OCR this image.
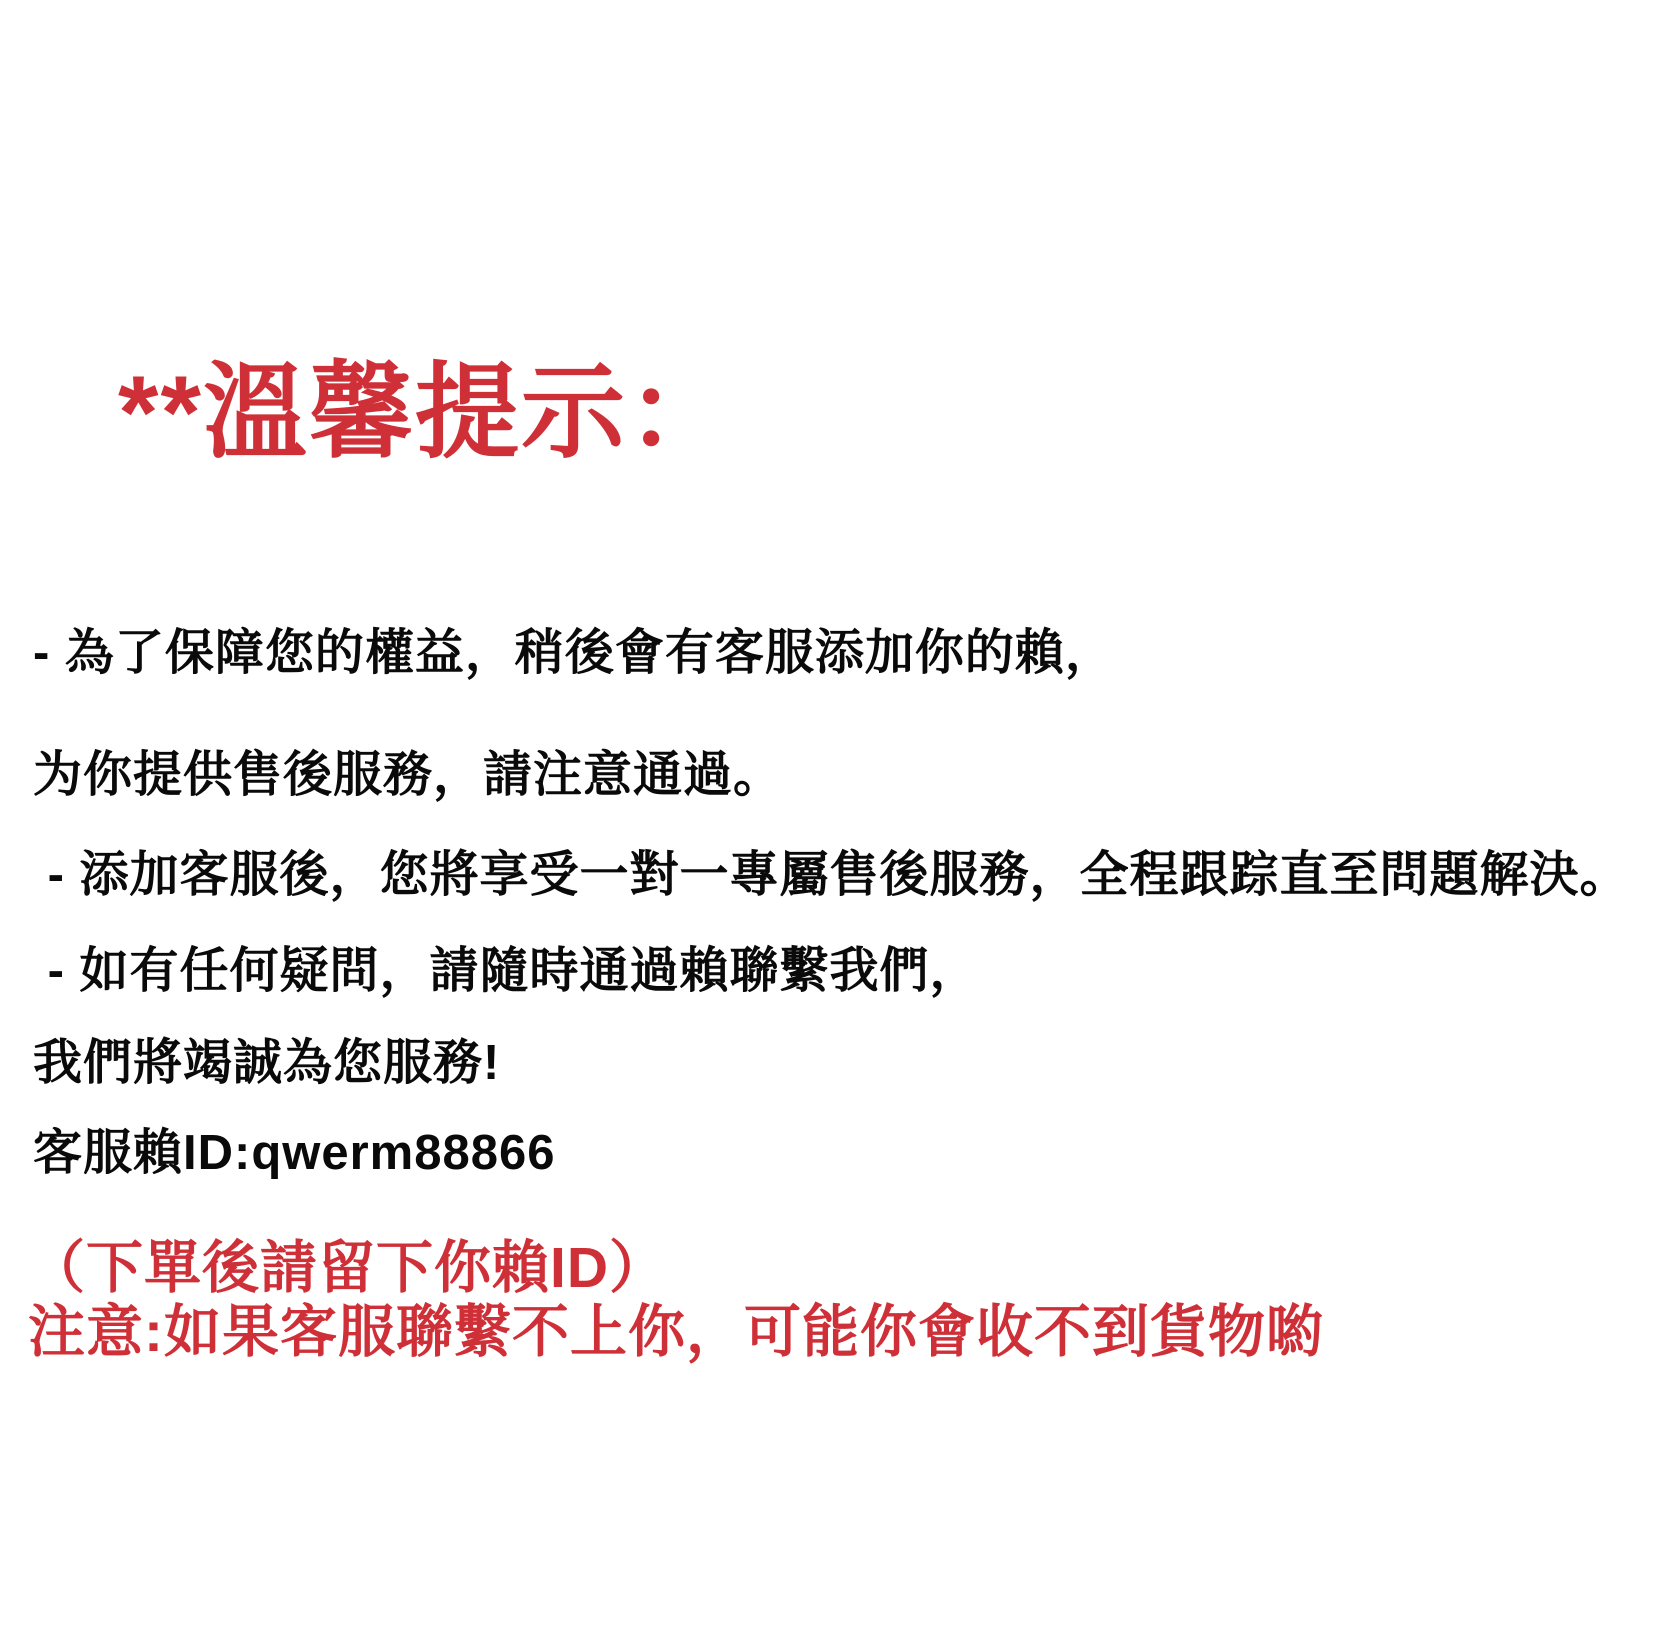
**溫馨提示：

- 為了保障您的權益，稍後會有客服添加你的賴，

为你提供售後服務，請注意通過。

- 添加客服後，您將享受一對一專屬售後服務，全程跟踪直至問題解決。

- 如有任何疑問，請隨時通過賴聯繫我們，

我們將竭誠為您服務!

客服賴ID:qwerm88866

（下單後請留下你賴ID）

注意:如果客服聯繫不上你，可能你會收不到貨物喲
